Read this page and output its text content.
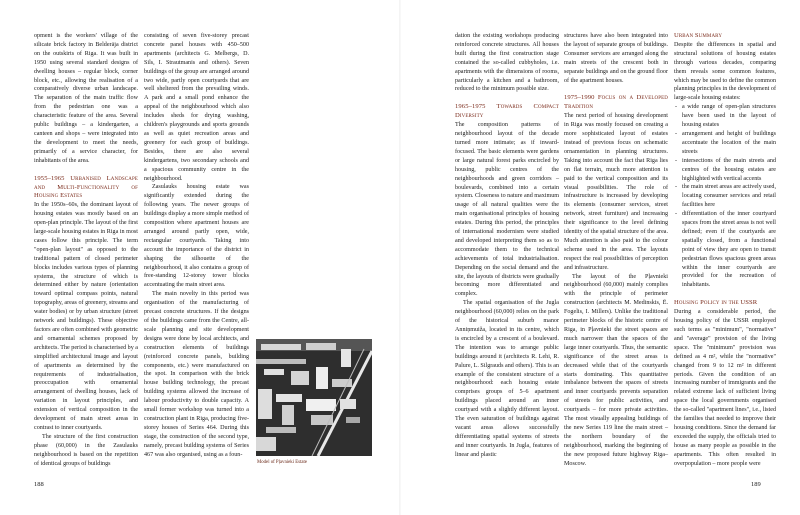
opment is the workers' village of the silicate brick factory in Belderāja district on the outskirts of Riga. It was built in 1950 using several standard designs of dwelling houses – regular block, corner block, etc., allowing the realisation of a comparatively diverse urban landscape. The separation of the main traffic flow from the pedestrian one was a characteristic feature of the area. Several public buildings – a kindergarten, a canteen and shops – were integrated into the development to meet the needs, primarily of a service character, for inhabitants of the area.

1955–1965 Urbanised Landscape and Multi-Functionality of Housing Estates

In the 1950s–60s, the dominant layout of housing estates was mostly based on an open-plan principle. The layout of the first large-scale housing estates in Riga in most cases follow this principle. The term "open-plan layout" as opposed to the traditional pattern of closed perimeter blocks includes various types of planning systems, the structure of which is determined either by nature (orientation toward optimal compass points, natural topography, areas of greenery, streams and water bodies) or by urban structure (street network and buildings). These objective factors are often combined with geometric and ornamental schemes proposed by architects. The period is characterised by a simplified architectural image and layout of apartments as determined by the requirements of industrialisation, preoccupation with ornamental arrangement of dwelling houses, lack of variation in layout principles, and extension of vertical composition in the development of main street areas in contrast to inner courtyards.

The structure of the first construction phase (60,000) in the Zasulauks neighbourhood is based on the repetition of identical groups of buildings

consisting of seven five-storey precast concrete panel houses with 450–500 apartments (architects G. Melbergs, D. Sils, I. Strautmanis and others). Seven buildings of the group are arranged around two wide, partly open courtyards that are well sheltered from the prevailing winds. A park and a small pond enhance the appeal of the neighbourhood which also includes sheds for drying washing, children's playgrounds and sports grounds as well as quiet recreation areas and greenery for each group of buildings. Besides, there are also several kindergartens, two secondary schools and a spacious community centre in the neighbourhood.

Zasulauks housing estate was significantly extended during the following years. The newer groups of buildings display a more simple method of composition where apartment houses are arranged around partly open, wide, rectangular courtyards. Taking into account the importance of the district in shaping the silhouette of the neighbourhood, it also contains a group of free-standing 12-storey tower blocks accentuating the main street area.

The main novelty in this period was organisation of the manufacturing of precast concrete structures. If the designs of the buildings came from the Centre, all-scale planning and site development designs were done by local architects, and construction elements of buildings (reinforced concrete panels, building components, etc.) were manufactured on the spot. In comparison with the brick house building technology, the precast building systems allowed the increase of labour productivity to double capacity. A small former workshop was turned into a construction plant in Riga, producing five-storey houses of Series 464. During this stage, the construction of the second type, namely, precast building systems of Series 467 was also organised, using as a foun-

Model of Pļavnieki Estate
188

dation the existing workshops producing reinforced concrete structures. All houses built during the first construction stage contained the so-called cubbyholes, i.e. apartments with the dimensions of rooms, particularly a kitchen and a bathroom, reduced to the minimum possible size.

1965–1975 Towards Compact Diversity

The composition patterns of neighbourhood layout of the decade turned more intimate; as if inward-focused. The basic elements were gardens or large natural forest parks encircled by housing, public centres of the neighbourhoods and green corridors – boulevards, combined into a certain system. Closeness to nature and maximum usage of all natural qualities were the main organisational principles of housing estates. During this period, the principles of international modernism were studied and developed interpreting them so as to accommodate them to the technical achievements of total industrialisation. Depending on the social demand and the site, the layouts of districts were gradually becoming more differentiated and complex.

The spatial organisation of the Jugla neighbourhood (60,000) relies on the park of the historical suburb manor Anniņmuiža, located in its centre, which is encircled by a crescent of a boulevard. The intention was to arrange public buildings around it (architects R. Lehi, R. Palure, L. Silgrauds and others). This is an example of the consistent structure of a neighbourhood: each housing estate comprises groups of 5–6 apartment buildings placed around an inner courtyard with a slightly different layout. The even saturation of buildings against vacant areas allows successfully differentiating spatial systems of streets and inner courtyards. In Jugla, features of linear and plastic

structures have also been integrated into the layout of separate groups of buildings. Consumer services are arranged along the main streets of the crescent both in separate buildings and on the ground floor of the apartment houses.

1975–1990 Focus on a Developed Tradition

The next period of housing development in Riga was mostly focused on creating a more sophisticated layout of estates instead of previous focus on schematic ornamentation in planning structures. Taking into account the fact that Riga lies on flat terrain, much more attention is paid to the vertical composition and its visual possibilities. The role of infrastructure is increased by developing its elements (consumer services, street network, street furniture) and increasing their significance to the level defining identity of the spatial structure of the area. Much attention is also paid to the colour scheme used in the area. The layouts respect the real possibilities of perception and infrastructure.

The layout of the Pļavnieki neighbourhood (60,000) mainly complies with the principle of perimeter construction (architects M. Medinskis, Ē. Fogelis, I. Millers). Unlike the traditional perimeter blocks of the historic centre of Riga, in Pļavnieki the street spaces are much narrower than the spaces of the large inner courtyards. Thus, the semantic significance of the street areas is decreased while that of the courtyards starts dominating. This quantitative imbalance between the spaces of streets and inner courtyards prevents separation of streets for public activities, and courtyards – for more private activities. The most visually appealing buildings of the new Series 119 line the main street – the northern boundary of the neighbourhood, marking the beginning of the new proposed future highway Riga–Moscow.

Urban Summary

Despite the differences in spatial and structural solutions of housing estates through various decades, comparing them reveals some common features, which may be used to define the common planning principles in the development of large-scale housing estates:

- a wide range of open-plan structures have been used in the layout of housing estates
- arrangement and height of buildings accentuate the location of the main streets
- intersections of the main streets and centres of the housing estates are highlighted with vertical accents
- the main street areas are actively used, locating consumer services and retail facilities here
- differentiation of the inner courtyard spaces from the street areas is not well defined; even if the courtyards are spatially closed, from a functional point of view they are open to transit pedestrian flows spacious green areas within the inner courtyards are provided for the recreation of inhabitants.

Housing Policy in the USSR

During a considerable period, the housing policy of the USSR employed such terms as "minimum", "normative" and "average" provision of the living space. The "minimum" provision was defined as 4 m², while the "normative" changed from 9 to 12 m² in different periods. Given the condition of an increasing number of immigrants and the related extreme lack of sufficient living space the local governments organised the so-called "apartment lines", i.e., listed the families that needed to improve their housing conditions. Since the demand far exceeded the supply, the officials tried to house as many people as possible in the apartments. This often resulted in overpopulation – more people were

189
